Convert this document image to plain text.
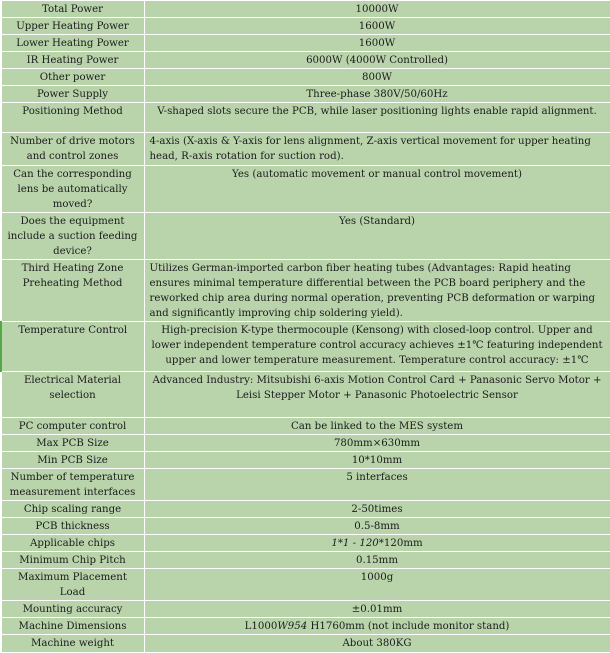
Total Power	10000W
Upper Heating Power	1600W
Lower Heating Power	1600W
IR Heating Power	6000W (4000W Controlled)
Other power	800W
Power Supply	Three-phase 380V/50/60Hz
Positioning Method	V-shaped slots secure the PCB, while laser positioning lights enable rapid alignment.
Number of drive motors and control zones	4-axis (X-axis & Y-axis for lens alignment, Z-axis vertical movement for upper heating head, R-axis rotation for suction rod).
Can the corresponding lens be automatically moved?	Yes (automatic movement or manual control movement)
Does the equipment include a suction feeding device?	Yes (Standard)
Third Heating Zone Preheating Method	Utilizes German-imported carbon fiber heating tubes (Advantages: Rapid heating ensures minimal temperature differential between the PCB board periphery and the reworked chip area during normal operation, preventing PCB deformation or warping and significantly improving chip soldering yield).
Temperature Control	High-precision K-type thermocouple (Kensong) with closed-loop control. Upper and lower independent temperature control accuracy achieves ±1℃ featuring independent upper and lower temperature measurement. Temperature control accuracy: ±1℃
Electrical Material selection	Advanced Industry: Mitsubishi 6-axis Motion Control Card + Panasonic Servo Motor + Leisi Stepper Motor + Panasonic Photoelectric Sensor
PC computer control	Can be linked to the MES system
Max PCB Size	780mm×630mm
Min PCB Size	10*10mm
Number of temperature measurement interfaces	5 interfaces
Chip scaling range	2-50times
PCB thickness	0.5-8mm
Applicable chips	1*1 - 120*120mm
Minimum Chip Pitch	0.15mm
Maximum Placement Load	1000g
Mounting accuracy	±0.01mm
Machine Dimensions	L1000W954 H1760mm (not include monitor stand)
Machine weight	About 380KG
